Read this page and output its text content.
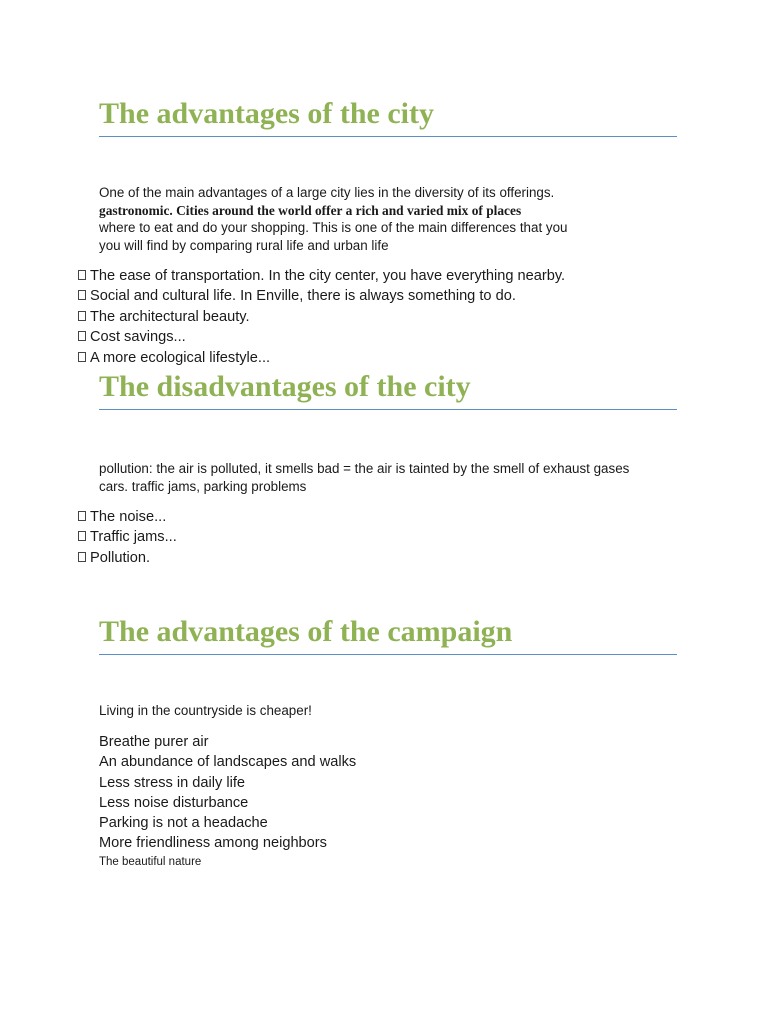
The advantages of the city
One of the main advantages of a large city lies in the diversity of its offerings.
gastronomic. Cities around the world offer a rich and varied mix of places
where to eat and do your shopping. This is one of the main differences that you
you will find by comparing rural life and urban life
The ease of transportation. In the city center, you have everything nearby.
Social and cultural life. In Enville, there is always something to do.
The architectural beauty.
Cost savings...
A more ecological lifestyle...
The disadvantages of the city
pollution: the air is polluted, it smells bad = the air is tainted by the smell of exhaust gases
cars. traffic jams, parking problems
The noise...
Traffic jams...
Pollution.
The advantages of the campaign
Living in the countryside is cheaper!
Breathe purer air
An abundance of landscapes and walks
Less stress in daily life
Less noise disturbance
Parking is not a headache
More friendliness among neighbors
The beautiful nature
